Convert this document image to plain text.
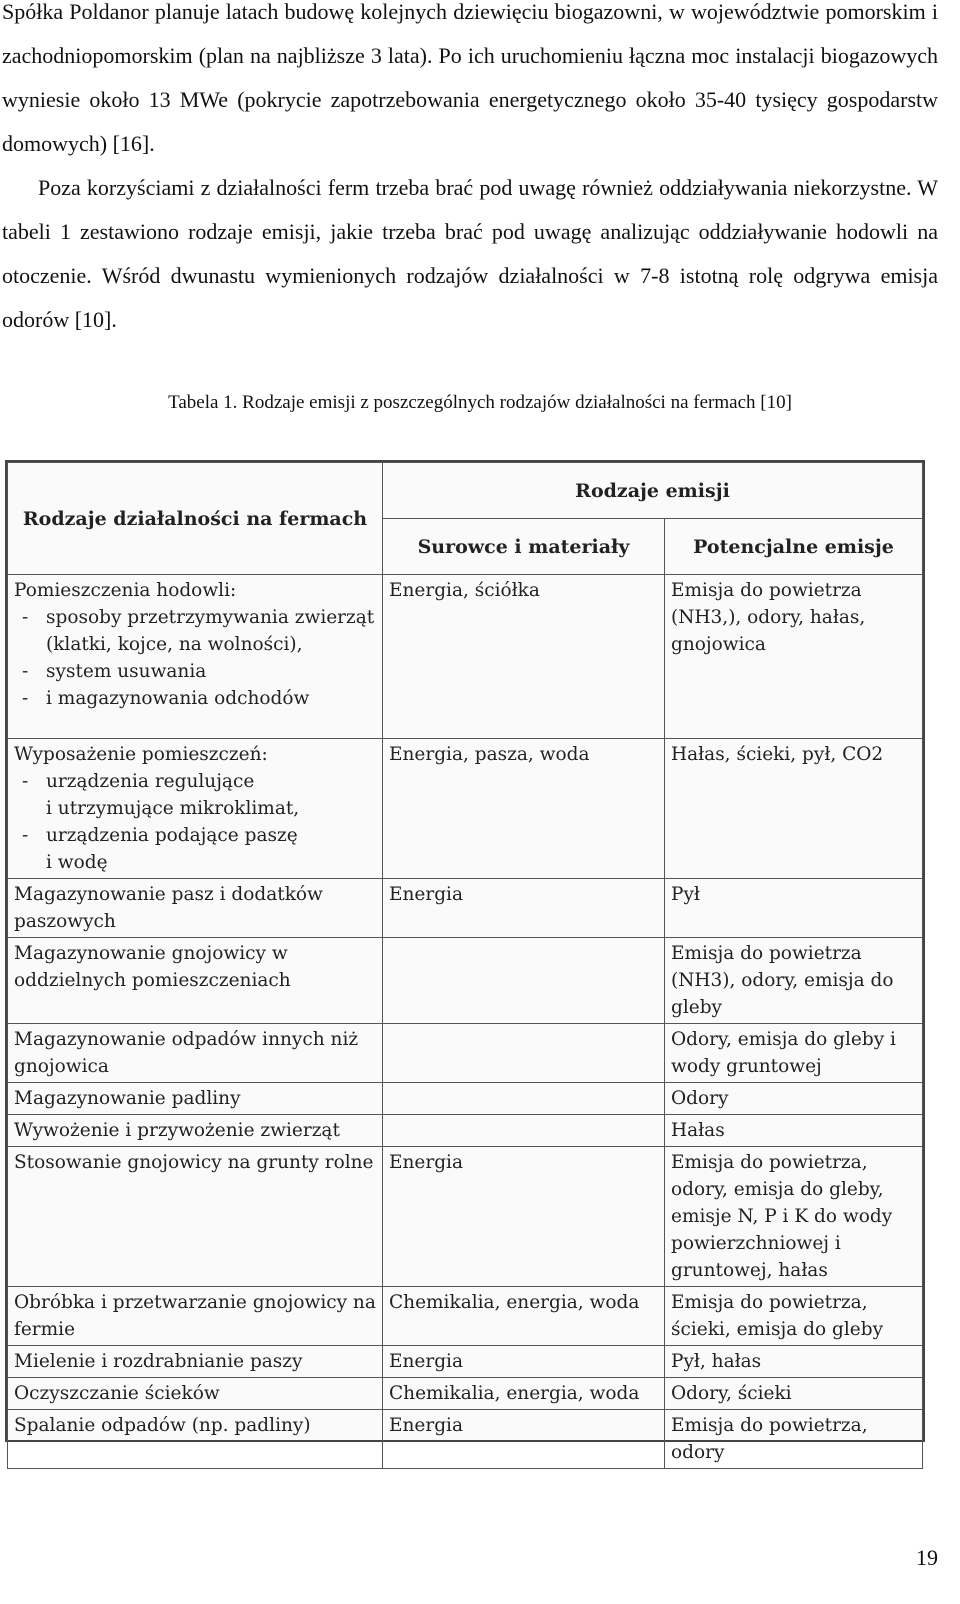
Spółka Poldanor planuje latach budowę kolejnych dziewięciu biogazowni, w województwie pomorskim i zachodniopomorskim (plan na najbliższe 3 lata). Po ich uruchomieniu łączna moc instalacji biogazowych wyniesie około 13 MWe (pokrycie zapotrzebowania energetycznego około 35-40 tysięcy gospodarstw domowych) [16].
Poza korzyściami z działalności ferm trzeba brać pod uwagę również oddziaływania niekorzystne. W tabeli 1 zestawiono rodzaje emisji, jakie trzeba brać pod uwagę analizując oddziaływanie hodowli na otoczenie. Wśród dwunastu wymienionych rodzajów działalności w 7-8 istotną rolę odgrywa emisja odorów [10].
Tabela 1. Rodzaje emisji z poszczególnych rodzajów działalności na fermach [10]
Rodzaje działalności na fermach	Rodzaje emisji	
	Surowce i materiały	Potencjalne emisje

Pomieszczenia hodowli:
- sposoby przetrzymywania zwierząt (klatki, kojce, na wolności),
- system usuwania
- i magazynowania odchodów	Energia, ściółka	Emisja do powietrza (NH3,), odory, hałas, gnojowica

Wyposażenie pomieszczeń:
- urządzenia regulujące
i utrzymujące mikroklimat,
- urządzenia podające paszę
i wodę	Energia, pasza, woda	Hałas, ścieki, pył, CO2
Magazynowanie pasz i dodatków paszowych	Energia	Pył
Magazynowanie gnojowicy w oddzielnych pomieszczeniach		Emisja do powietrza (NH3), odory, emisja do gleby
Magazynowanie odpadów innych niż gnojowica		Odory, emisja do gleby i wody gruntowej
Magazynowanie padliny		Odory
Wywożenie i przywożenie zwierząt		Hałas
Stosowanie gnojowicy na grunty rolne	Energia	Emisja do powietrza, odory, emisja do gleby, emisje N, P i K do wody powierzchniowej i gruntowej, hałas
Obróbka i przetwarzanie gnojowicy na fermie	Chemikalia, energia, woda	Emisja do powietrza, ścieki, emisja do gleby
Mielenie i rozdrabnianie paszy	Energia	Pył, hałas
Oczyszczanie ścieków	Chemikalia, energia, woda	Odory, ścieki
Spalanie odpadów (np. padliny)	Energia	Emisja do powietrza, odory
19
